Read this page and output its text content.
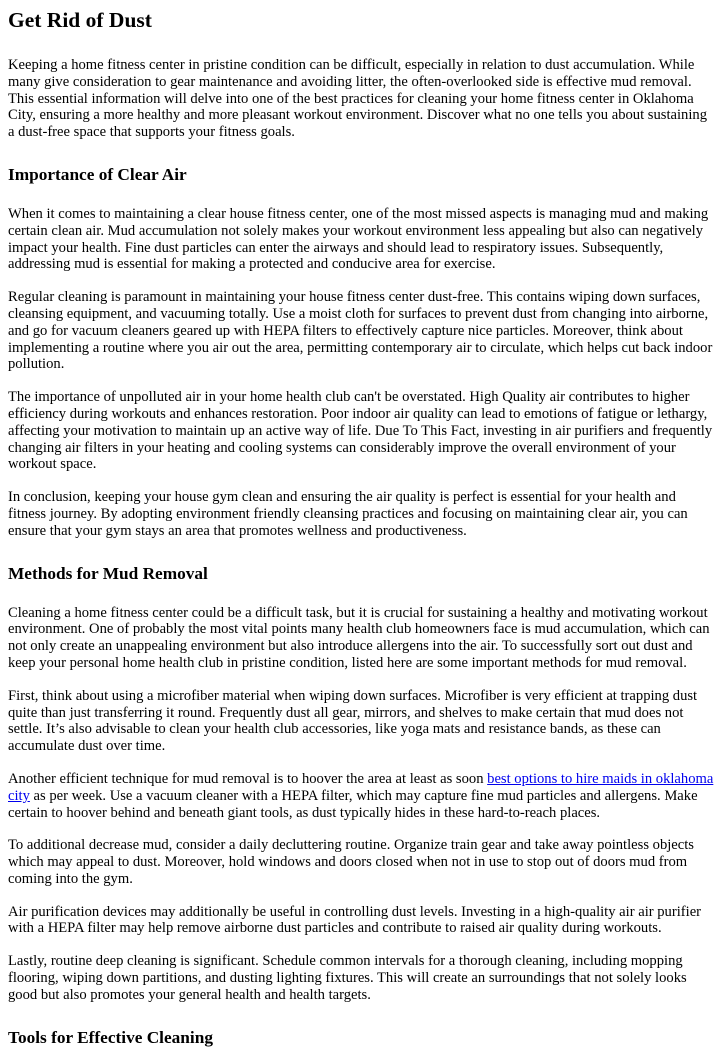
Get Rid of Dust

Keeping a home fitness center in pristine condition can be difficult, especially in relation to dust accumulation. While many give consideration to gear maintenance and avoiding litter, the often-overlooked side is effective mud removal. This essential information will delve into one of the best practices for cleaning your home fitness center in Oklahoma City, ensuring a more healthy and more pleasant workout environment. Discover what no one tells you about sustaining a dust-free space that supports your fitness goals.

Importance of Clear Air

When it comes to maintaining a clear house fitness center, one of the most missed aspects is managing mud and making certain clean air. Mud accumulation not solely makes your workout environment less appealing but also can negatively impact your health. Fine dust particles can enter the airways and should lead to respiratory issues. Subsequently, addressing mud is essential for making a protected and conducive area for exercise.

Regular cleaning is paramount in maintaining your house fitness center dust-free. This contains wiping down surfaces, cleansing equipment, and vacuuming totally. Use a moist cloth for surfaces to prevent dust from changing into airborne, and go for vacuum cleaners geared up with HEPA filters to effectively capture nice particles. Moreover, think about implementing a routine where you air out the area, permitting contemporary air to circulate, which helps cut back indoor pollution.

The importance of unpolluted air in your home health club can't be overstated. High Quality air contributes to higher efficiency during workouts and enhances restoration. Poor indoor air quality can lead to emotions of fatigue or lethargy, affecting your motivation to maintain up an active way of life. Due To This Fact, investing in air purifiers and frequently changing air filters in your heating and cooling systems can considerably improve the overall environment of your workout space.

In conclusion, keeping your house gym clean and ensuring the air quality is perfect is essential for your health and fitness journey. By adopting environment friendly cleansing practices and focusing on maintaining clear air, you can ensure that your gym stays an area that promotes wellness and productiveness.

Methods for Mud Removal

Cleaning a home fitness center could be a difficult task, but it is crucial for sustaining a healthy and motivating workout environment. One of probably the most vital points many health club homeowners face is mud accumulation, which can not only create an unappealing environment but also introduce allergens into the air. To successfully sort out dust and keep your personal home health club in pristine condition, listed here are some important methods for mud removal.

First, think about using a microfiber material when wiping down surfaces. Microfiber is very efficient at trapping dust quite than just transferring it round. Frequently dust all gear, mirrors, and shelves to make certain that mud does not settle. It’s also advisable to clean your health club accessories, like yoga mats and resistance bands, as these can accumulate dust over time.

Another efficient technique for mud removal is to hoover the area at least as soon best options to hire maids in oklahoma city as per week. Use a vacuum cleaner with a HEPA filter, which may capture fine mud particles and allergens. Make certain to hoover behind and beneath giant tools, as dust typically hides in these hard-to-reach places.

To additional decrease mud, consider a daily decluttering routine. Organize train gear and take away pointless objects which may appeal to dust. Moreover, hold windows and doors closed when not in use to stop out of doors mud from coming into the gym.

Air purification devices may additionally be useful in controlling dust levels. Investing in a high-quality air air purifier with a HEPA filter may help remove airborne dust particles and contribute to raised air quality during workouts.

Lastly, routine deep cleaning is significant. Schedule common intervals for a thorough cleaning, including mopping flooring, wiping down partitions, and dusting lighting fixtures. This will create an surroundings that not solely looks good but also promotes your general health and health targets.

Tools for Effective Cleaning
